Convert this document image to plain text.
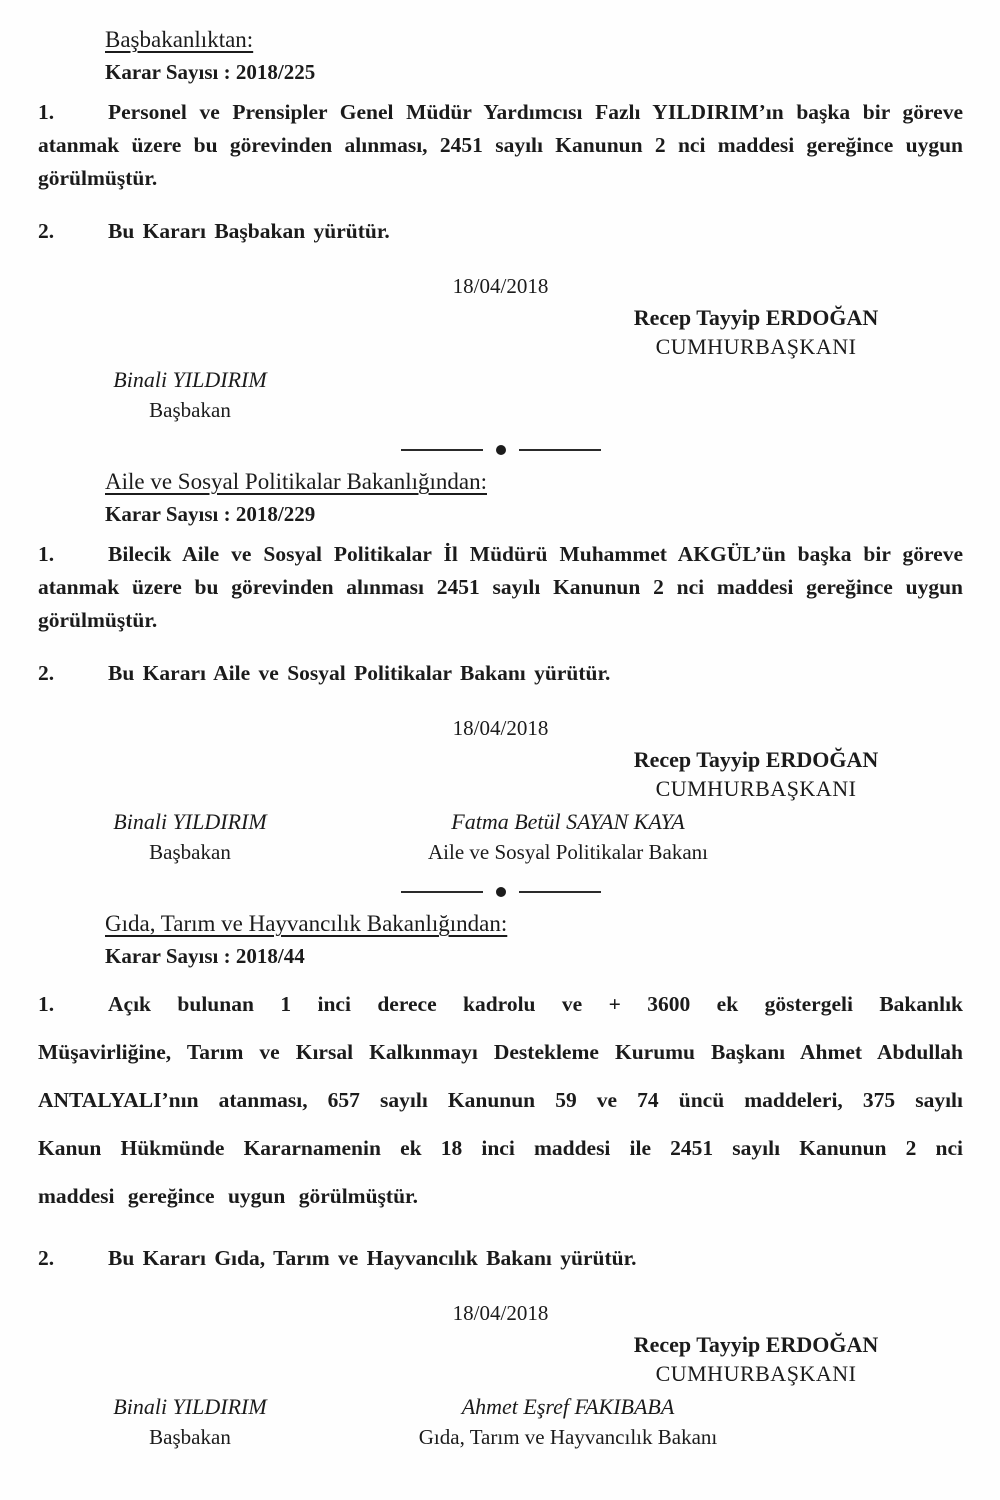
Başbakanlıktan:
Karar Sayısı : 2018/225

1.	Personel ve Prensipler Genel Müdür Yardımcısı Fazlı YILDIRIM’ın başka bir göreve atanmak üzere bu görevinden alınması, 2451 sayılı Kanunun 2 nci maddesi gereğince uygun görülmüştür.

2.	Bu Kararı Başbakan yürütür.

18/04/2018
Recep Tayyip ERDOĞAN
CUMHURBAŞKANI
Binali YILDIRIM
Başbakan
Aile ve Sosyal Politikalar Bakanlığından:
Karar Sayısı : 2018/229

1.	Bilecik Aile ve Sosyal Politikalar İl Müdürü Muhammet AKGÜL’ün başka bir göreve atanmak üzere bu görevinden alınması 2451 sayılı Kanunun 2 nci maddesi gereğince uygun görülmüştür.

2.	Bu Kararı Aile ve Sosyal Politikalar Bakanı yürütür.

18/04/2018
Recep Tayyip ERDOĞAN
CUMHURBAŞKANI
Binali YILDIRIM
Başbakan
Fatma Betül SAYAN KAYA
Aile ve Sosyal Politikalar Bakanı
Gıda, Tarım ve Hayvancılık Bakanlığından:
Karar Sayısı : 2018/44

1.	Açık bulunan 1 inci derece kadrolu ve + 3600 ek göstergeli Bakanlık Müşavirliğine, Tarım ve Kırsal Kalkınmayı Destekleme Kurumu Başkanı Ahmet Abdullah ANTALYALI’nın atanması, 657 sayılı Kanunun 59 ve 74 üncü maddeleri, 375 sayılı Kanun Hükmünde Kararnamenin ek 18 inci maddesi ile 2451 sayılı Kanunun 2 nci maddesi gereğince uygun görülmüştür.

2.	Bu Kararı Gıda, Tarım ve Hayvancılık Bakanı yürütür.

18/04/2018
Recep Tayyip ERDOĞAN
CUMHURBAŞKANI
Binali YILDIRIM
Başbakan
Ahmet Eşref FAKIBABA
Gıda, Tarım ve Hayvancılık Bakanı
